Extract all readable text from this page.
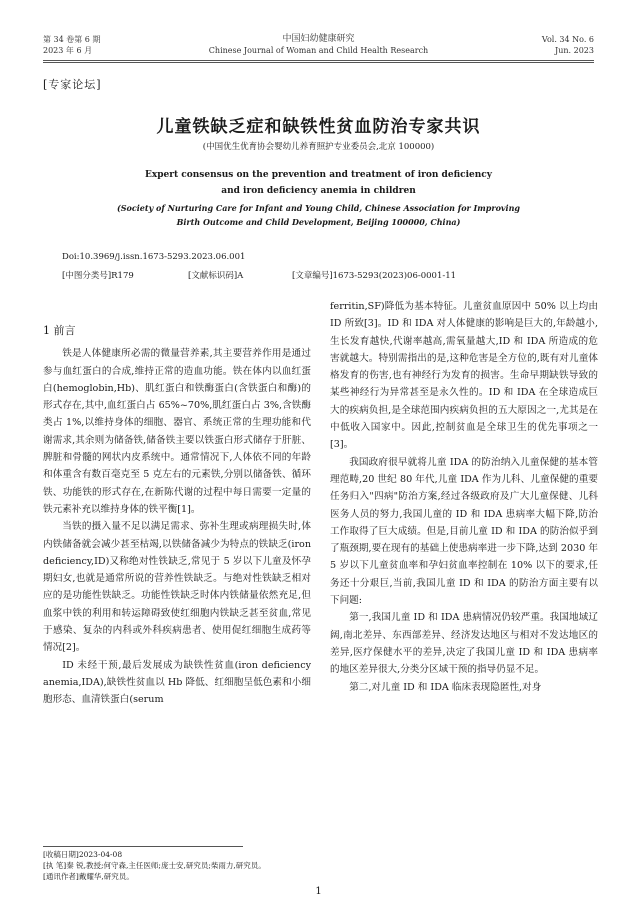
第 34 卷第 6 期
2023 年 6 月
中国妇幼健康研究
Chinese Journal of Woman and Child Health Research
Vol. 34 No. 6
Jun. 2023
[专家论坛]
儿童铁缺乏症和缺铁性贫血防治专家共识
(中国优生优育协会婴幼儿养育照护专业委员会,北京 100000)
Expert consensus on the prevention and treatment of iron deficiency
and iron deficiency anemia in children
(Society of Nurturing Care for Infant and Young Child, Chinese Association for Improving
Birth Outcome and Child Development, Beijing 100000, China)
Doi:10.3969/j.issn.1673-5293.2023.06.001
[中图分类号]R179	[文献标识码]A	[文章编号]1673-5293(2023)06-0001-11
1 前言

铁是人体健康所必需的微量营养素,其主要营养作用是通过参与血红蛋白的合成,维持正常的造血功能。铁在体内以血红蛋白(hemoglobin,Hb)、肌红蛋白和铁酶蛋白(含铁蛋白和酶)的形式存在,其中,血红蛋白占 65%~70%,肌红蛋白占 3%,含铁酶类占 1%,以维持身体的细胞、器官、系统正常的生理功能和代谢需求,其余则为储备铁,储备铁主要以铁蛋白形式储存于肝脏、脾脏和骨髓的网状内皮系统中。通常情况下,人体依不同的年龄和体重含有数百毫克至 5 克左右的元素铁,分别以储备铁、循环铁、功能铁的形式存在,在新陈代谢的过程中每日需要一定量的铁元素补充以维持身体的铁平衡[1]。

当铁的摄入量不足以满足需求、弥补生理或病理损失时,体内铁储备就会减少甚至枯竭,以铁储备减少为特点的铁缺乏(iron deficiency,ID)又称绝对性铁缺乏,常见于 5 岁以下儿童及怀孕期妇女,也就是通常所说的营养性铁缺乏。与绝对性铁缺乏相对应的是功能性铁缺乏。功能性铁缺乏时体内铁储量依然充足,但血浆中铁的利用和转运障碍致使红细胞内铁缺乏甚至贫血,常见于感染、复杂的内科或外科疾病患者、使用促红细胞生成药等情况[2]。

ID 未经干预,最后发展成为缺铁性贫血(iron deficiency anemia,IDA),缺铁性贫血以 Hb 降低、红细胞呈低色素和小细胞形态、血清铁蛋白(serum

ferritin,SF)降低为基本特征。儿童贫血原因中 50% 以上均由 ID 所致[3]。ID 和 IDA 对人体健康的影响是巨大的,年龄越小,生长发育越快,代谢率越高,需氧量越大,ID 和 IDA 所造成的危害就越大。特别需指出的是,这种危害是全方位的,既有对儿童体格发育的伤害,也有神经行为发育的损害。生命早期缺铁导致的某些神经行为异常甚至是永久性的。ID 和 IDA 在全球造成巨大的疾病负担,是全球范围内疾病负担的五大原因之一,尤其是在中低收入国家中。因此,控制贫血是全球卫生的优先事项之一[3]。

我国政府很早就将儿童 IDA 的防治纳入儿童保健的基本管理范畴,20 世纪 80 年代,儿童 IDA 作为儿科、儿童保健的重要任务归入"四病"防治方案,经过各级政府及广大儿童保健、儿科医务人员的努力,我国儿童的 ID 和 IDA 患病率大幅下降,防治工作取得了巨大成绩。但是,目前儿童 ID 和 IDA 的防治似乎到了瓶颈期,要在现有的基础上使患病率进一步下降,达到 2030 年 5 岁以下儿童贫血率和孕妇贫血率控制在 10% 以下的要求,任务还十分艰巨,当前,我国儿童 ID 和 IDA 的防治方面主要有以下问题:

第一,我国儿童 ID 和 IDA 患病情况仍较严重。我国地域辽阔,南北差异、东西部差异、经济发达地区与相对不发达地区的差异,医疗保健水平的差异,决定了我国儿童 ID 和 IDA 患病率的地区差异很大,分类分区域干预的指导仍显不足。

第二,对儿童 ID 和 IDA 临床表现隐匿性,对身

[收稿日期]2023-04-08
[执 笔]秦 锐,教授;何守森,主任医师;庞士安,研究员;柴雨力,研究员。
[通讯作者]戴耀华,研究员。
1
